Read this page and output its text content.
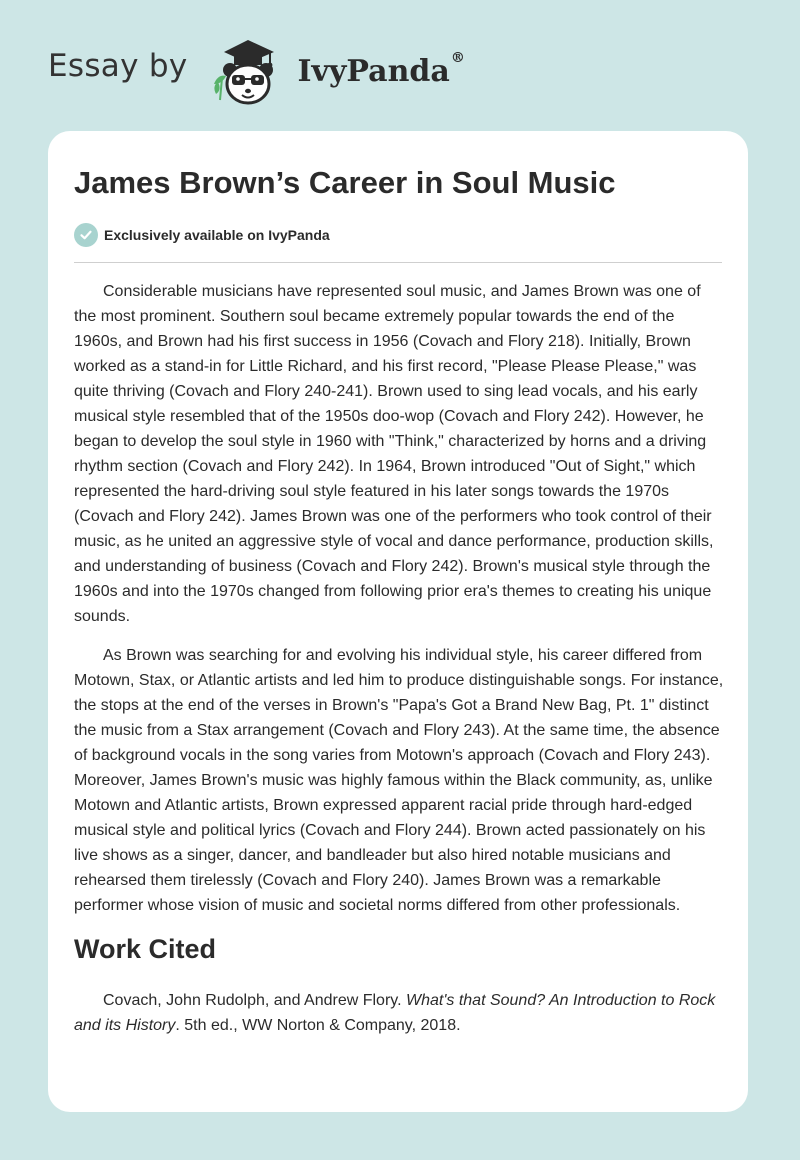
Essay by	IvyPanda®
James Brown’s Career in Soul Music
Exclusively available on IvyPanda

Considerable musicians have represented soul music, and James Brown was one of the most prominent. Southern soul became extremely popular towards the end of the 1960s, and Brown had his first success in 1956 (Covach and Flory 218). Initially, Brown worked as a stand-in for Little Richard, and his first record, "Please Please Please," was quite thriving (Covach and Flory 240-241). Brown used to sing lead vocals, and his early musical style resembled that of the 1950s doo-wop (Covach and Flory 242). However, he began to develop the soul style in 1960 with "Think," characterized by horns and a driving rhythm section (Covach and Flory 242). In 1964, Brown introduced "Out of Sight," which represented the hard-driving soul style featured in his later songs towards the 1970s (Covach and Flory 242). James Brown was one of the performers who took control of their music, as he united an aggressive style of vocal and dance performance, production skills, and understanding of business (Covach and Flory 242). Brown's musical style through the 1960s and into the 1970s changed from following prior era's themes to creating his unique sounds.

As Brown was searching for and evolving his individual style, his career differed from Motown, Stax, or Atlantic artists and led him to produce distinguishable songs. For instance, the stops at the end of the verses in Brown's "Papa's Got a Brand New Bag, Pt. 1" distinct the music from a Stax arrangement (Covach and Flory 243). At the same time, the absence of background vocals in the song varies from Motown's approach (Covach and Flory 243). Moreover, James Brown's music was highly famous within the Black community, as, unlike Motown and Atlantic artists, Brown expressed apparent racial pride through hard-edged musical style and political lyrics (Covach and Flory 244). Brown acted passionately on his live shows as a singer, dancer, and bandleader but also hired notable musicians and rehearsed them tirelessly (Covach and Flory 240). James Brown was a remarkable performer whose vision of music and societal norms differed from other professionals.

Work Cited

Covach, John Rudolph, and Andrew Flory. What's that Sound? An Introduction to Rock and its History. 5th ed., WW Norton & Company, 2018.
